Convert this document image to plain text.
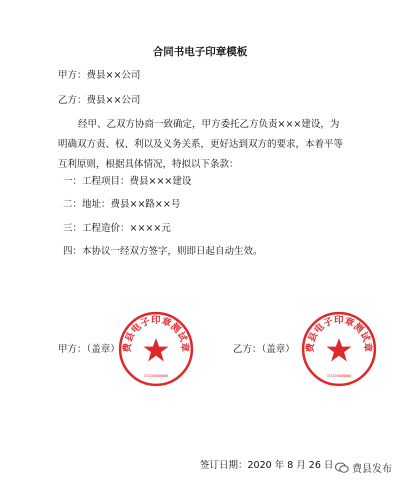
合同书电子印章模板
甲方：费县××公司
乙方：费县××公司
经甲、乙双方协商一致确定，甲方委托乙方负责×××建设，为明确双方责、权、利以及义务关系，更好达到双方的要求，本着平等互利原则，根据具体情况，特拟以下条款：
一：工程项目：费县×××建设
二：地址：费县××路××号
三：工程造价：××××元
四：本协议一经双方签字，则即日起自动生效。
甲方：（盖章）	乙方：（盖章）
费县电子印章测试章
3713250000000
费县电子印章测试章
3713250000000
签订日期：2020 年 8 月 26 日 费县发布
